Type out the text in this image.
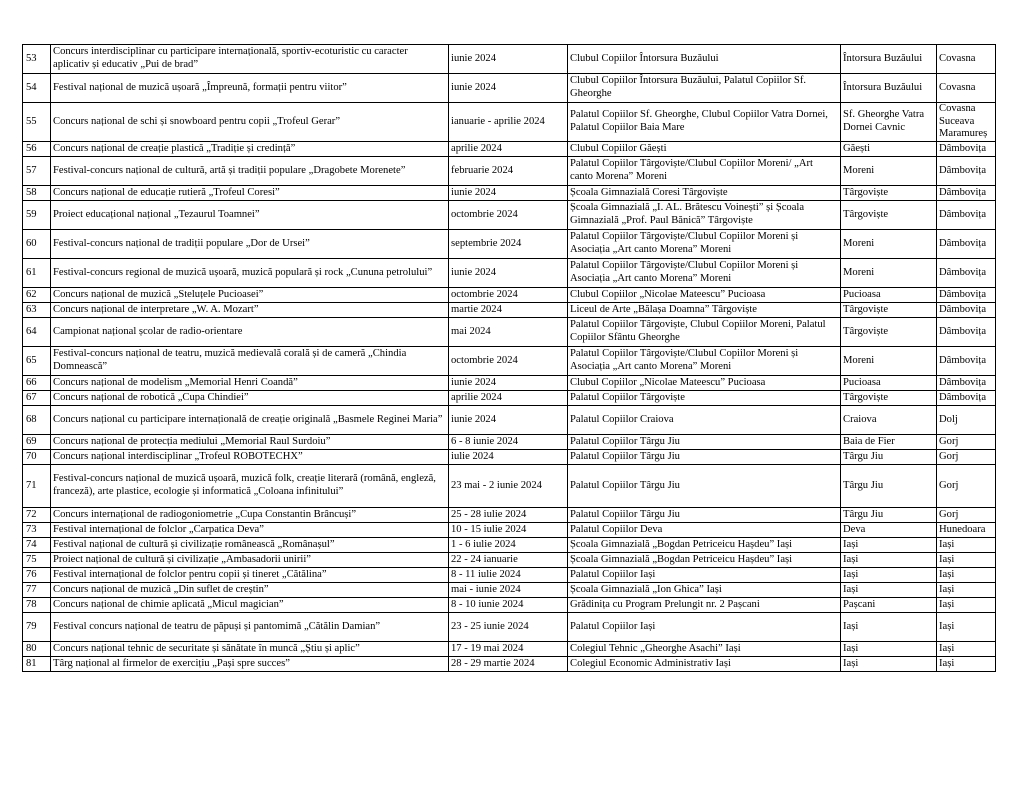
53	Concurs interdisciplinar cu participare internațională, sportiv-ecoturistic cu caracter aplicativ și educativ „Pui de brad”	iunie 2024	Clubul Copiilor Întorsura Buzăului	Întorsura Buzăului	Covasna
54	Festival național de muzică ușoară „Împreună, formații pentru viitor”	iunie 2024	Clubul Copiilor Întorsura Buzăului, Palatul Copiilor Sf. Gheorghe	Întorsura Buzăului	Covasna
55	Concurs național de schi și snowboard pentru copii „Trofeul Gerar”	ianuarie - aprilie 2024	Palatul Copiilor Sf. Gheorghe, Clubul Copiilor Vatra Dornei, Palatul Copiilor Baia Mare	Sf. Gheorghe Vatra Dornei Cavnic	Covasna Suceava Maramureș
56	Concurs național de creație plastică „Tradiție și credință”	aprilie 2024	Clubul Copiilor Găești	Găești	Dâmbovița
57	Festival-concurs național de cultură, artă și tradiții populare „Dragobete Morenete”	februarie 2024	Palatul Copiilor Târgoviște/Clubul Copiilor Moreni/ „Art canto Morena” Moreni	Moreni	Dâmbovița
58	Concurs național de educație rutieră „Trofeul Coresi”	iunie 2024	Școala Gimnazială Coresi Târgoviște	Târgoviște	Dâmbovița
59	Proiect educațional național „Tezaurul Toamnei”	octombrie 2024	Școala Gimnazială „I. AL. Brătescu Voinești” și Școala Gimnazială „Prof. Paul Bănică” Târgoviște	Târgoviște	Dâmbovița
60	Festival-concurs național de tradiții populare „Dor de Ursei”	septembrie 2024	Palatul Copiilor Târgoviște/Clubul Copiilor Moreni și Asociația „Art canto Morena” Moreni	Moreni	Dâmbovița
61	Festival-concurs regional de muzică ușoară, muzică populară și rock „Cununa petrolului”	iunie 2024	Palatul Copiilor Târgoviște/Clubul Copiilor Moreni și Asociația „Art canto Morena” Moreni	Moreni	Dâmbovița
62	Concurs național de muzică „Steluțele Pucioasei”	octombrie 2024	Clubul Copiilor „Nicolae Mateescu” Pucioasa	Pucioasa	Dâmbovița
63	Concurs național de interpretare „W. A. Mozart”	martie 2024	Liceul de Arte „Bălașa Doamna” Târgoviște	Târgoviște	Dâmbovița
64	Campionat național școlar de radio-orientare	mai 2024	Palatul Copiilor Târgoviște, Clubul Copiilor Moreni, Palatul Copiilor Sfântu Gheorghe	Târgoviște	Dâmbovița
65	Festival-concurs național de teatru, muzică medievală corală și de cameră „Chindia Domnească”	octombrie 2024	Palatul Copiilor Târgoviște/Clubul Copiilor Moreni și Asociația „Art canto Morena” Moreni	Moreni	Dâmbovița
66	Concurs național de modelism „Memorial Henri Coandă”	iunie 2024	Clubul Copiilor „Nicolae Mateescu” Pucioasa	Pucioasa	Dâmbovița
67	Concurs național de robotică „Cupa Chindiei”	aprilie 2024	Palatul Copiilor Târgoviște	Târgoviște	Dâmbovița
68	Concurs național cu participare internațională de creație originală „Basmele Reginei Maria”	iunie 2024	Palatul Copiilor Craiova	Craiova	Dolj
69	Concurs național de protecția mediului „Memorial Raul Surdoiu”	6 - 8 iunie 2024	Palatul Copiilor Târgu Jiu	Baia de Fier	Gorj
70	Concurs național interdisciplinar „Trofeul ROBOTECHX”	iulie 2024	Palatul Copiilor Târgu Jiu	Târgu Jiu	Gorj
71	Festival-concurs național de muzică ușoară, muzică folk, creație literară (română, engleză, franceză), arte plastice, ecologie și informatică „Coloana infinitului”	23 mai - 2 iunie 2024	Palatul Copiilor Târgu Jiu	Târgu Jiu	Gorj
72	Concurs internațional de radiogoniometrie „Cupa Constantin Brâncuși”	25 - 28 iulie 2024	Palatul Copiilor Târgu Jiu	Târgu Jiu	Gorj
73	Festival internațional de folclor „Carpatica Deva”	10 - 15 iulie 2024	Palatul Copiilor Deva	Deva	Hunedoara
74	Festival național de cultură și civilizație românească „Românașul”	1 - 6 iulie 2024	Școala Gimnazială „Bogdan Petriceicu Hașdeu” Iași	Iași	Iași
75	Proiect național de cultură și civilizație „Ambasadorii unirii”	22 - 24 ianuarie	Școala Gimnazială „Bogdan Petriceicu Hașdeu” Iași	Iași	Iași
76	Festival internațional de folclor pentru copii și tineret „Cătălina”	8 - 11 iulie 2024	Palatul Copiilor Iași	Iași	Iași
77	Concurs național de muzică „Din suflet de creștin”	mai - iunie 2024	Școala Gimnazială „Ion Ghica” Iași	Iași	Iași
78	Concurs național de chimie aplicată „Micul magician”	8 - 10 iunie 2024	Grădinița cu Program Prelungit nr. 2 Pașcani	Pașcani	Iași
79	Festival concurs național de teatru de păpuși și pantomimă „Cătălin Damian”	23 - 25 iunie 2024	Palatul Copiilor Iași	Iași	Iași
80	Concurs național tehnic de securitate și sănătate în muncă „Știu și aplic”	17 - 19 mai 2024	Colegiul Tehnic „Gheorghe Asachi” Iași	Iași	Iași
81	Târg național al firmelor de exercițiu „Pași spre succes”	28 - 29 martie 2024	Colegiul Economic Administrativ Iași	Iași	Iași
